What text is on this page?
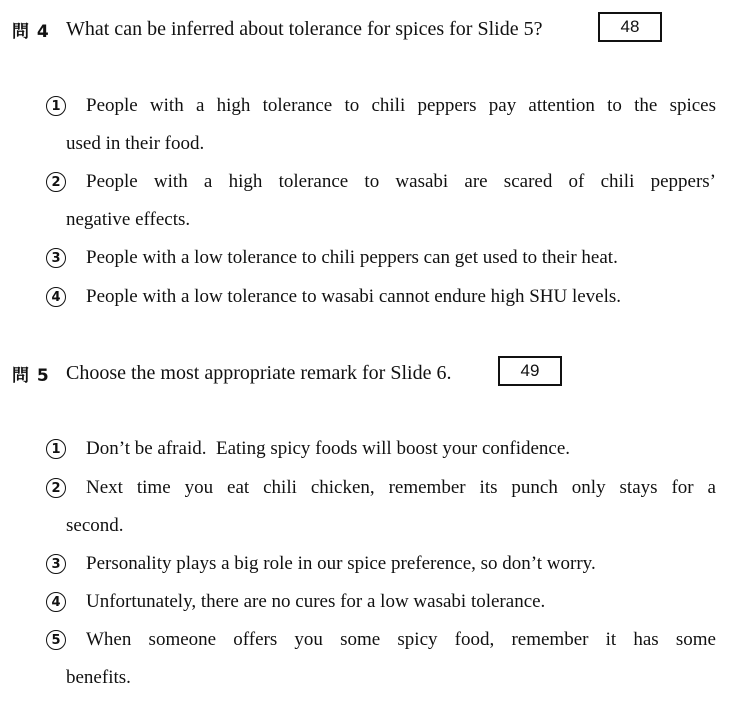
問 4 What can be inferred about tolerance for spices for Slide 5?	48
1 People with a high tolerance to chili peppers pay attention to the spices
used in their food.
2 People with a high tolerance to wasabi are scared of chili peppers’
negative effects.
3 People with a low tolerance to chili peppers can get used to their heat.
4 People with a low tolerance to wasabi cannot endure high SHU levels.
問 5 Choose the most appropriate remark for Slide 6.	49
1 Don’t be afraid.  Eating spicy foods will boost your confidence.
2 Next time you eat chili chicken, remember its punch only stays for a
second.
3 Personality plays a big role in our spice preference, so don’t worry.
4 Unfortunately, there are no cures for a low wasabi tolerance.
5 When someone offers you some spicy food, remember it has some
benefits.
